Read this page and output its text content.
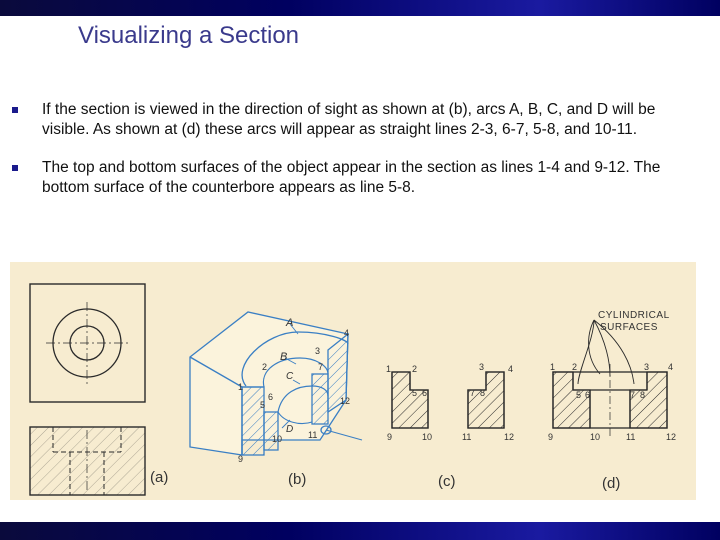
Visualizing a Section
If the section is viewed in the direction of sight as shown at (b), arcs A, B, C, and D will be visible. As shown at (d) these arcs will appear as straight lines 2-3, 6-7, 5-8, and 10-11.
The top and bottom surfaces of the object appear in the section as lines 1-4 and 9-12. The bottom surface of the counterbore appears as line 5-8.
(a)
A
B
C
D
4
3
2
1
5
6
7
12
10	11
9
(b)
1 2
5 6
9	10
3	4
7 8
11	12
(c)
CYLINDRICAL
SURFACES
1 2	3 4
5 6	7 8
9	10	11	12
(d)
